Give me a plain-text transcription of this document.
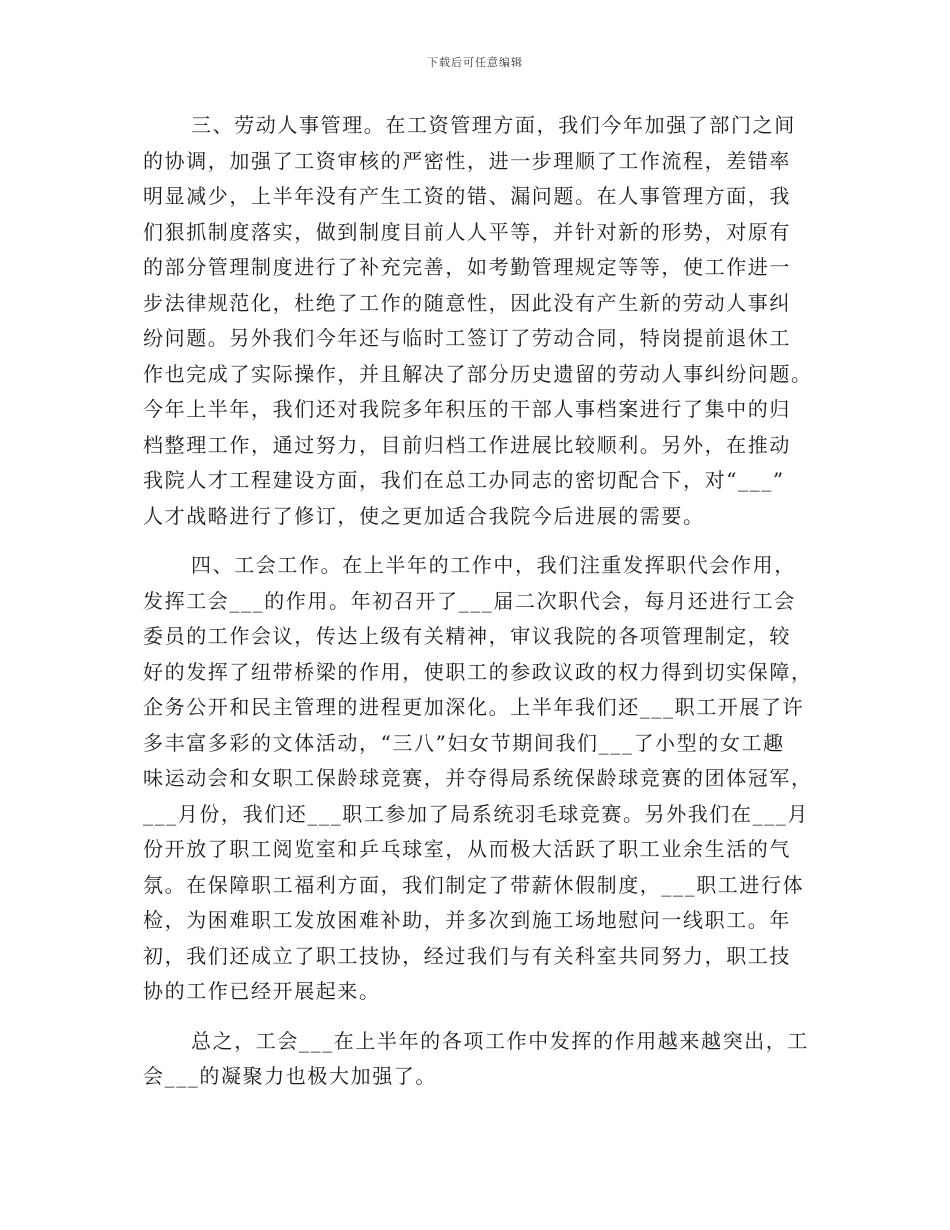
下载后可任意编辑
三、劳动人事管理。在工资管理方面，我们今年加强了部门之间
的协调，加强了工资审核的严密性，进一步理顺了工作流程，差错率
明显减少，上半年没有产生工资的错、漏问题。在人事管理方面，我
们狠抓制度落实，做到制度目前人人平等，并针对新的形势，对原有
的部分管理制度进行了补充完善，如考勤管理规定等等，使工作进一
步法律规范化，杜绝了工作的随意性，因此没有产生新的劳动人事纠
纷问题。另外我们今年还与临时工签订了劳动合同，特岗提前退休工
作也完成了实际操作，并且解决了部分历史遗留的劳动人事纠纷问题。
今年上半年，我们还对我院多年积压的干部人事档案进行了集中的归
档整理工作，通过努力，目前归档工作进展比较顺利。另外，在推动
我院人才工程建设方面，我们在总工办同志的密切配合下，对“___”
人才战略进行了修订，使之更加适合我院今后进展的需要。
四、工会工作。在上半年的工作中，我们注重发挥职代会作用，
发挥工会___的作用。年初召开了___届二次职代会，每月还进行工会
委员的工作会议，传达上级有关精神，审议我院的各项管理制定，较
好的发挥了纽带桥梁的作用，使职工的参政议政的权力得到切实保障，
企务公开和民主管理的进程更加深化。上半年我们还___职工开展了许
多丰富多彩的文体活动，“三八”妇女节期间我们___了小型的女工趣
味运动会和女职工保龄球竞赛，并夺得局系统保龄球竞赛的团体冠军，
___月份，我们还___职工参加了局系统羽毛球竞赛。另外我们在___月
份开放了职工阅览室和乒乓球室，从而极大活跃了职工业余生活的气
氛。在保障职工福利方面，我们制定了带薪休假制度，___职工进行体
检，为困难职工发放困难补助，并多次到施工场地慰问一线职工。年
初，我们还成立了职工技协，经过我们与有关科室共同努力，职工技
协的工作已经开展起来。
总之，工会___在上半年的各项工作中发挥的作用越来越突出，工
会___的凝聚力也极大加强了。
